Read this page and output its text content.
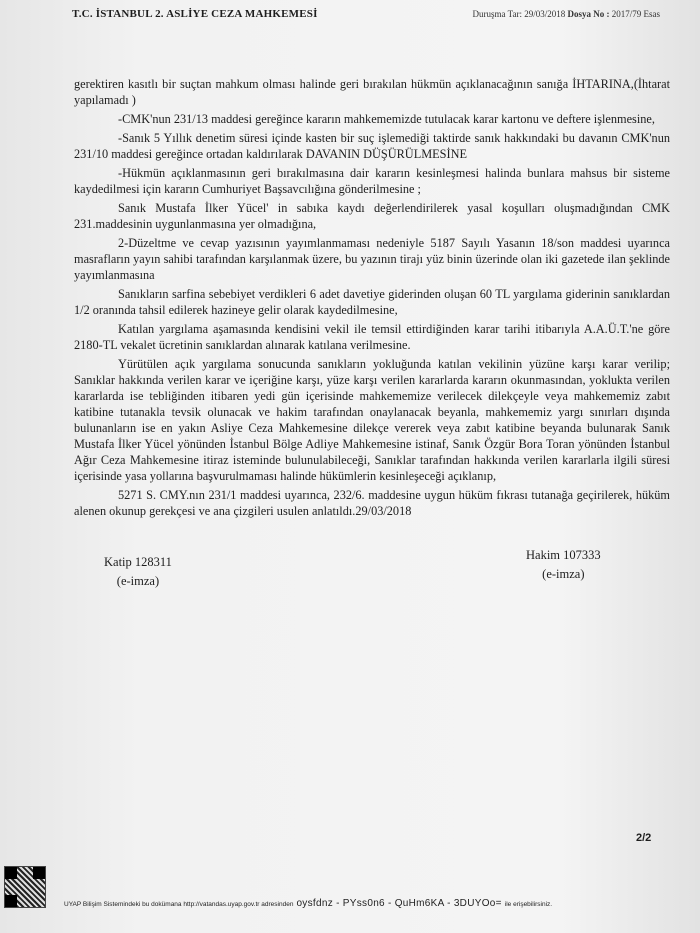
T.C. İSTANBUL 2. ASLİYE CEZA MAHKEMESİ	Duruşma Tar: 29/03/2018 Dosya No : 2017/79 Esas

gerektiren kasıtlı bir suçtan mahkum olması halinde geri bırakılan hükmün açıklanacağının sanığa İHTARINA,(İhtarat yapılamadı )

-CMK'nun 231/13 maddesi gereğince kararın mahkememizde tutulacak karar kartonu ve deftere işlenmesine,

-Sanık 5 Yıllık denetim süresi içinde kasten bir suç işlemediği taktirde sanık hakkındaki bu davanın CMK'nun 231/10 maddesi gereğince ortadan kaldırılarak DAVANIN DÜŞÜRÜLMESİNE

-Hükmün açıklanmasının geri bırakılmasına dair kararın kesinleşmesi halinda bunlara mahsus bir sisteme kaydedilmesi için kararın Cumhuriyet Başsavcılığına gönderilmesine ;

Sanık Mustafa İlker Yücel' in sabıka kaydı değerlendirilerek yasal koşulları oluşmadığından CMK 231.maddesinin uygunlanmasına yer olmadığına,

2-Düzeltme ve cevap yazısının yayımlanmaması nedeniyle 5187 Sayılı Yasanın 18/son maddesi uyarınca masrafların yayın sahibi tarafından karşılanmak üzere, bu yazının tirajı yüz binin üzerinde olan iki gazetede ilan şeklinde yayımlanmasına

Sanıkların sarfina sebebiyet verdikleri 6 adet davetiye giderinden oluşan 60 TL yargılama giderinin sanıklardan 1/2 oranında tahsil edilerek hazineye gelir olarak kaydedilmesine,

Katılan yargılama aşamasında kendisini vekil ile temsil ettirdiğinden karar tarihi itibarıyla A.A.Ü.T.'ne göre 2180-TL vekalet ücretinin sanıklardan alınarak katılana verilmesine.

Yürütülen açık yargılama sonucunda sanıkların yokluğunda katılan vekilinin yüzüne karşı karar verilip; Sanıklar hakkında verilen karar ve içeriğine karşı, yüze karşı verilen kararlarda kararın okunmasından, yoklukta verilen kararlarda ise tebliğinden itibaren yedi gün içerisinde mahkememize verilecek dilekçeyle veya mahkememiz zabıt katibine tutanakla tevsik olunacak ve hakim tarafından onaylanacak beyanla, mahkememiz yargı sınırları dışında bulunanların ise en yakın Asliye Ceza Mahkemesine dilekçe vererek veya zabıt katibine beyanda bulunarak Sanık Mustafa İlker Yücel yönünden İstanbul Bölge Adliye Mahkemesine istinaf, Sanık Özgür Bora Toran yönünden İstanbul Ağır Ceza Mahkemesine itiraz isteminde bulunulabileceği, Sanıklar tarafından hakkında verilen kararlarla ilgili süresi içerisinde yasa yollarına başvurulmaması halinde hükümlerin kesinleşeceği açıklanıp,

5271 S. CMY.nın 231/1 maddesi uyarınca, 232/6. maddesine uygun hüküm fıkrası tutanağa geçirilerek, hüküm alenen okunup gerekçesi ve ana çizgileri usulen anlatıldı.29/03/2018

Katip 128311
(e-imza)
Hakim 107333
(e-imza)
2/2
UYAP Bilişim Sistemindeki bu dokümana http://vatandas.uyap.gov.tr adresinden oysfdnz - PYss0n6 - QuHm6KA - 3DUYOo= ile erişebilirsiniz.
